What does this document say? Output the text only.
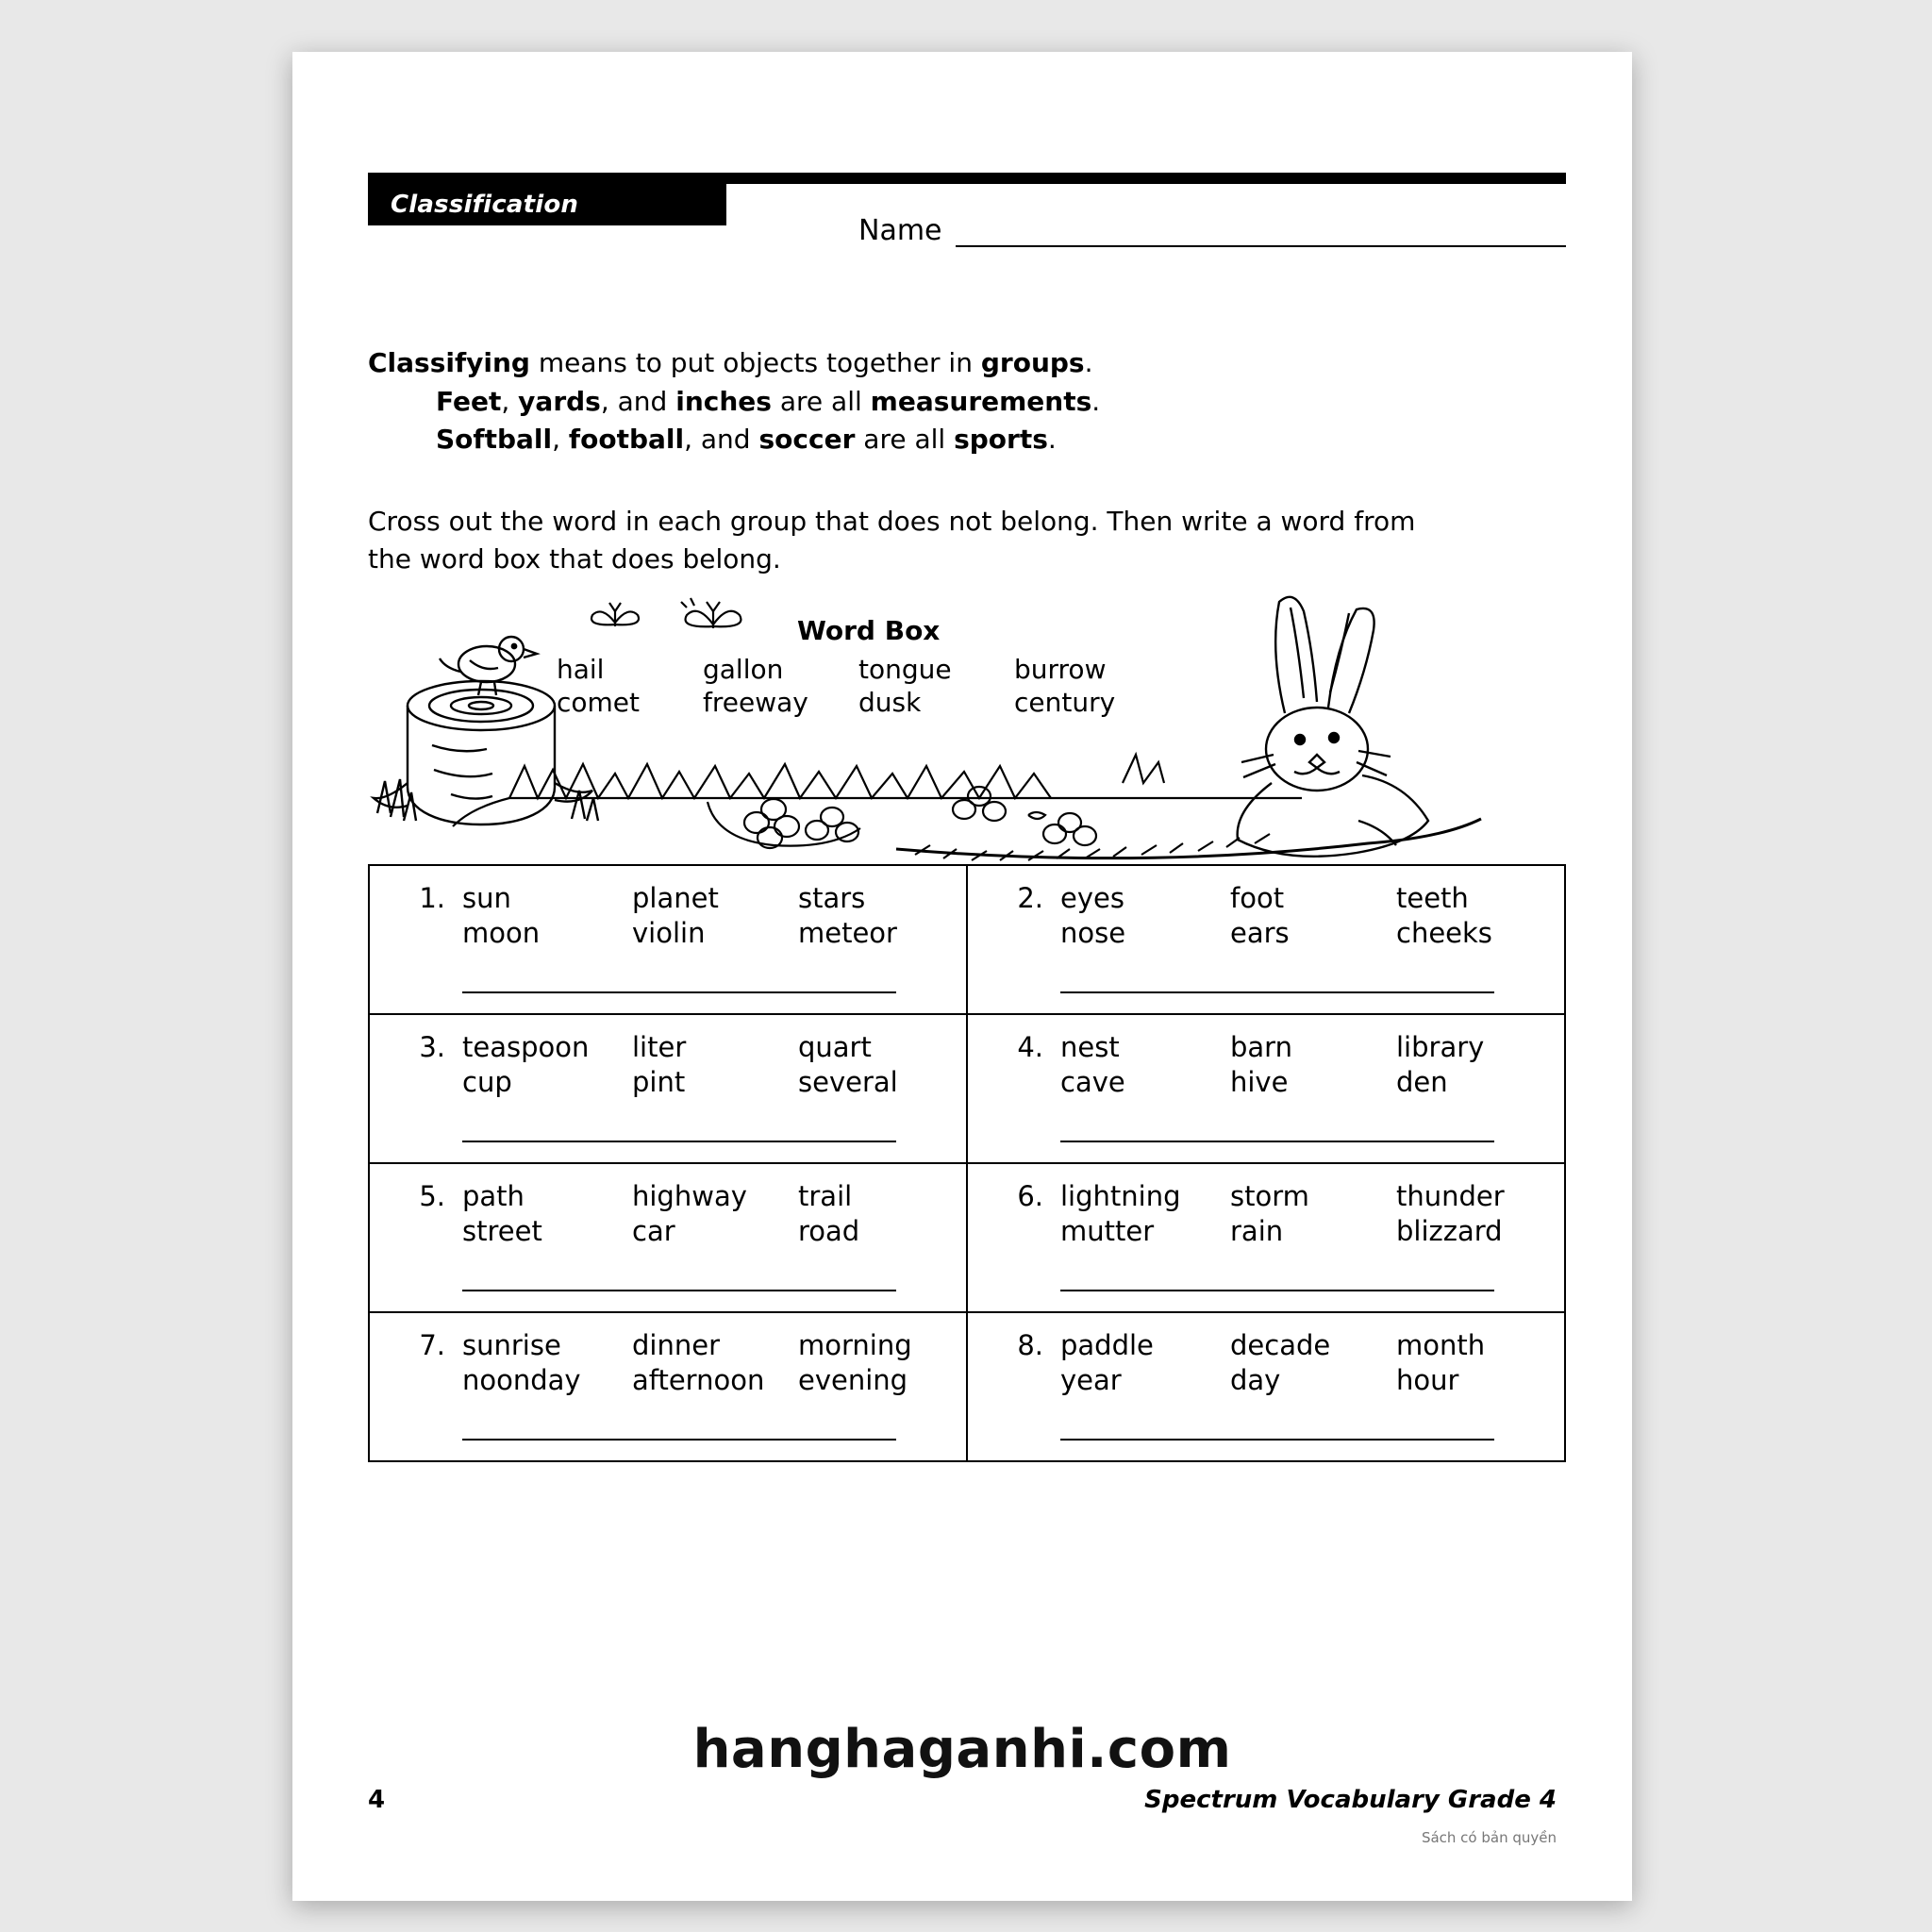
Classification
Name
Classifying means to put objects together in groups.
Feet, yards, and inches are all measurements.
Softball, football, and soccer are all sports.
Cross out the word in each group that does not belong. Then write a word from the word box that does belong.
Word Box
hail	gallon	tongue	burrow
comet	freeway	dusk	century
1. sun	planet	stars
moon	violin	meteor

2. eyes	foot	teeth
nose	ears	cheeks

3. teaspoon	liter	quart
cup	pint	several

4. nest	barn	library
cave	hive	den

5. path	highway	trail
street	car	road

6. lightning	storm	thunder
mutter	rain	blizzard

7. sunrise	dinner	morning
noonday	afternoon	evening

8. paddle	decade	month
year	day	hour
hanghaganhi.com
4	Spectrum Vocabulary Grade 4
Sách có bản quyền
